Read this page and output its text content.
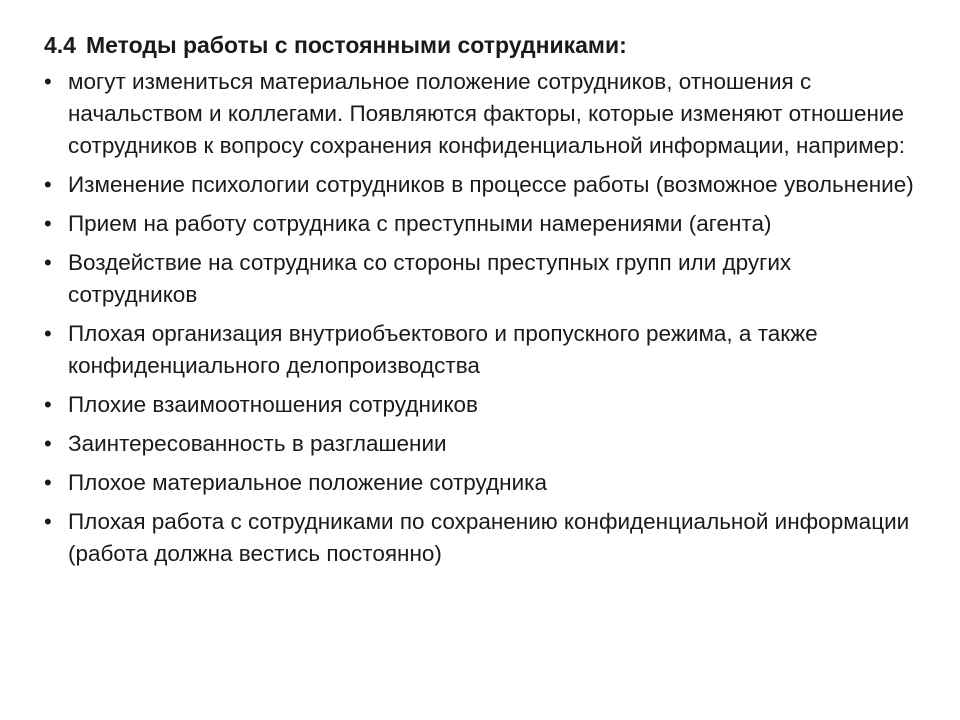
4.4 Методы работы с постоянными сотрудниками:
• могут измениться материальное положение сотрудников, отношения с начальством и коллегами. Появляются факторы, которые изменяют отношение сотрудников к вопросу сохранения конфиденциальной информации, например:
• Изменение психологии сотрудников в процессе работы (возможное увольнение)
• Прием на работу сотрудника с преступными намерениями (агента)
• Воздействие на сотрудника со стороны преступных групп или других сотрудников
• Плохая организация внутриобъектового и пропускного режима, а также конфиденциального делопроизводства
• Плохие взаимоотношения сотрудников
• Заинтересованность в разглашении
• Плохое материальное положение сотрудника
• Плохая работа с сотрудниками по сохранению конфиденциальной информации (работа должна вестись постоянно)
